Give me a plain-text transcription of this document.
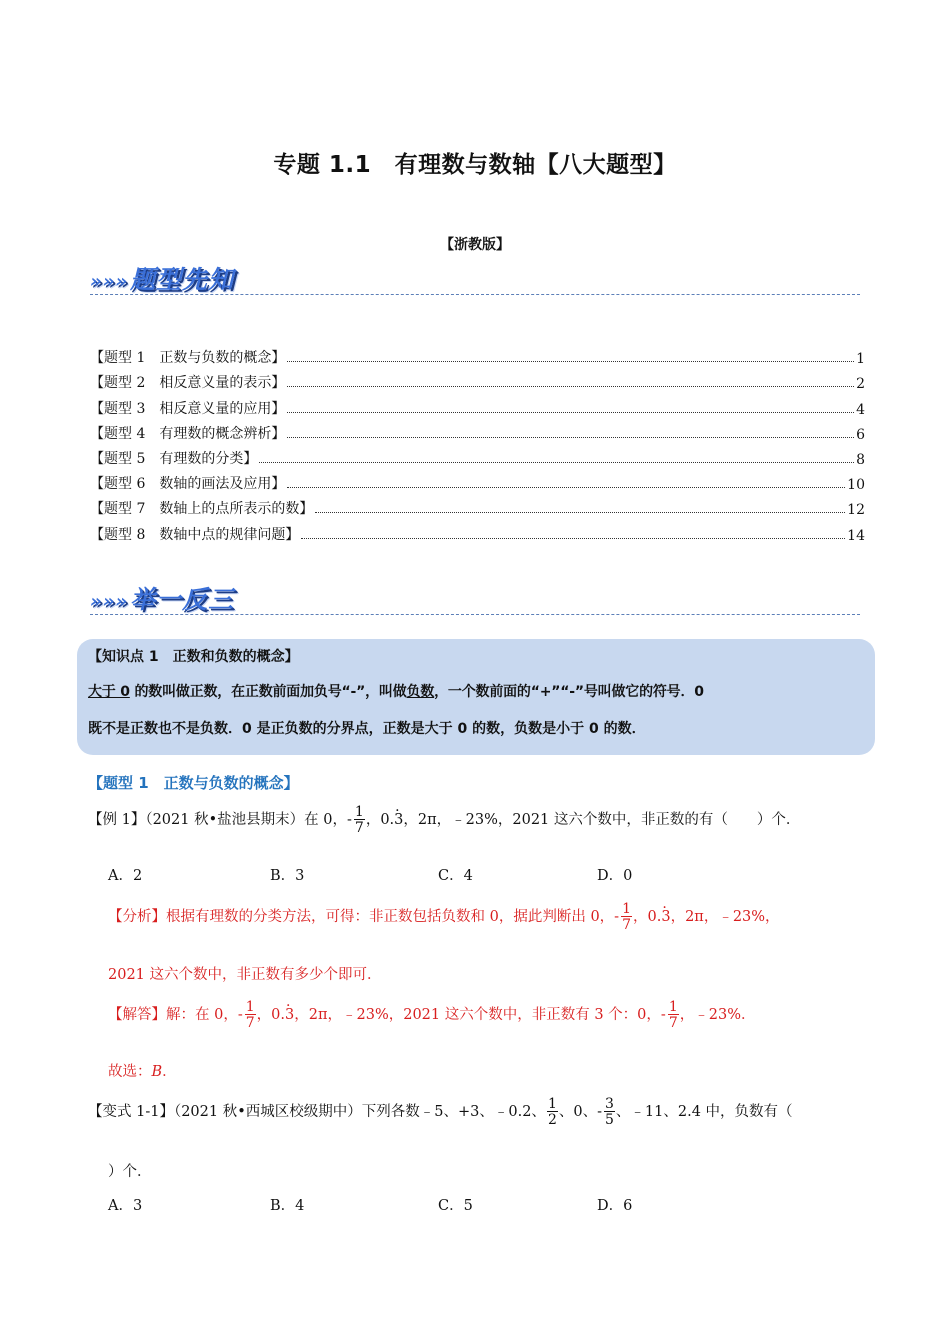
专题 1.1　有理数与数轴【八大题型】
【浙教版】
»»»题型先知
【题型 1　正数与负数的概念】	1
【题型 2　相反意义量的表示】	2
【题型 3　相反意义量的应用】	4
【题型 4　有理数的概念辨析】	6
【题型 5　有理数的分类】	8
【题型 6　数轴的画法及应用】	10
【题型 7　数轴上的点所表示的数】	12
【题型 8　数轴中点的规律问题】	14
»»»举一反三
【知识点 1　正数和负数的概念】
大于 0 的数叫做正数，在正数前面加负号“-”，叫做负数，一个数前面的“+”“-”号叫做它的符号．0
既不是正数也不是负数．0 是正负数的分界点，正数是大于 0 的数，负数是小于 0 的数．
【题型 1　正数与负数的概念】
【例 1】（2021 秋•盐池县期末）在 0，- $\frac{1}{7}$ ，0.· 3，2π，﹣23%，2021 这六个数中，非正数的有（　　）个．
A．2	B．3	C．4	D．0
【分析】根据有理数的分类方法，可得：非正数包括负数和 0，据此判断出 0，- $\frac{1}{7}$ ，0.· 3，2π，﹣23%，
2021 这六个数中，非正数有多少个即可．
【解答】解：在 0，- $\frac{1}{7}$ ，0.· 3，2π，﹣23%，2021 这六个数中，非正数有 3 个：0，- $\frac{1}{7}$ ，﹣23%．
故选：B．
【变式 1-1】（2021 秋•西城区校级期中）下列各数﹣5、+3、﹣0.2、 $\frac{1}{2}$ 、0、- $\frac{3}{5}$ 、﹣11、2.4 中，负数有（
）个．
A．3	B．4	C．5	D．6
